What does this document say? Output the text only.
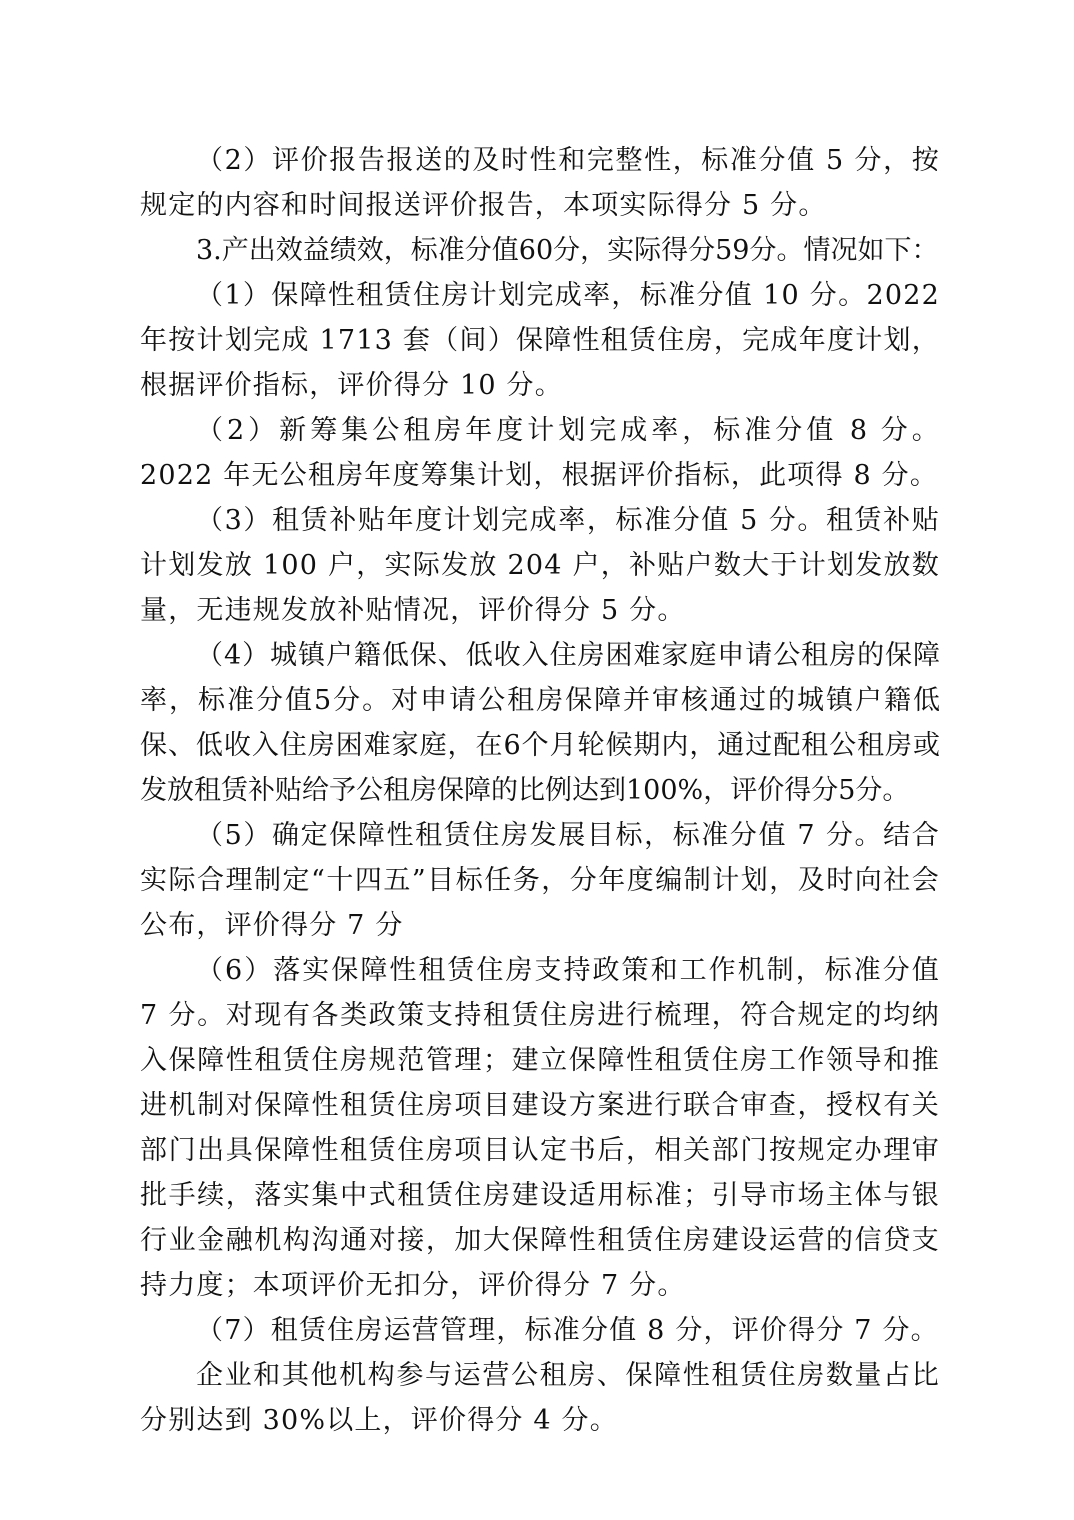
（2）评价报告报送的及时性和完整性，标准分值 5 分，按规定的内容和时间报送评价报告，本项实际得分 5 分。

3.产出效益绩效，标准分值60分，实际得分59分。情况如下：

（1）保障性租赁住房计划完成率，标准分值 10 分。2022 年按计划完成 1713 套（间）保障性租赁住房，完成年度计划，根据评价指标，评价得分 10 分。

（2）新筹集公租房年度计划完成率，标准分值 8 分。2022 年无公租房年度筹集计划，根据评价指标，此项得 8 分。

（3）租赁补贴年度计划完成率，标准分值 5 分。租赁补贴计划发放 100 户，实际发放 204 户，补贴户数大于计划发放数量，无违规发放补贴情况，评价得分 5 分。

（4）城镇户籍低保、低收入住房困难家庭申请公租房的保障率，标准分值5分。对申请公租房保障并审核通过的城镇户籍低保、低收入住房困难家庭，在6个月轮候期内，通过配租公租房或发放租赁补贴给予公租房保障的比例达到100%，评价得分5分。

（5）确定保障性租赁住房发展目标，标准分值 7 分。结合实际合理制定“十四五”目标任务，分年度编制计划，及时向社会公布，评价得分 7 分

（6）落实保障性租赁住房支持政策和工作机制，标准分值 7 分。对现有各类政策支持租赁住房进行梳理，符合规定的均纳入保障性租赁住房规范管理；建立保障性租赁住房工作领导和推进机制对保障性租赁住房项目建设方案进行联合审查，授权有关部门出具保障性租赁住房项目认定书后，相关部门按规定办理审批手续，落实集中式租赁住房建设适用标准；引导市场主体与银行业金融机构沟通对接，加大保障性租赁住房建设运营的信贷支持力度；本项评价无扣分，评价得分 7 分。

（7）租赁住房运营管理，标准分值 8 分，评价得分 7 分。

企业和其他机构参与运营公租房、保障性租赁住房数量占比分别达到 30%以上，评价得分 4 分。
